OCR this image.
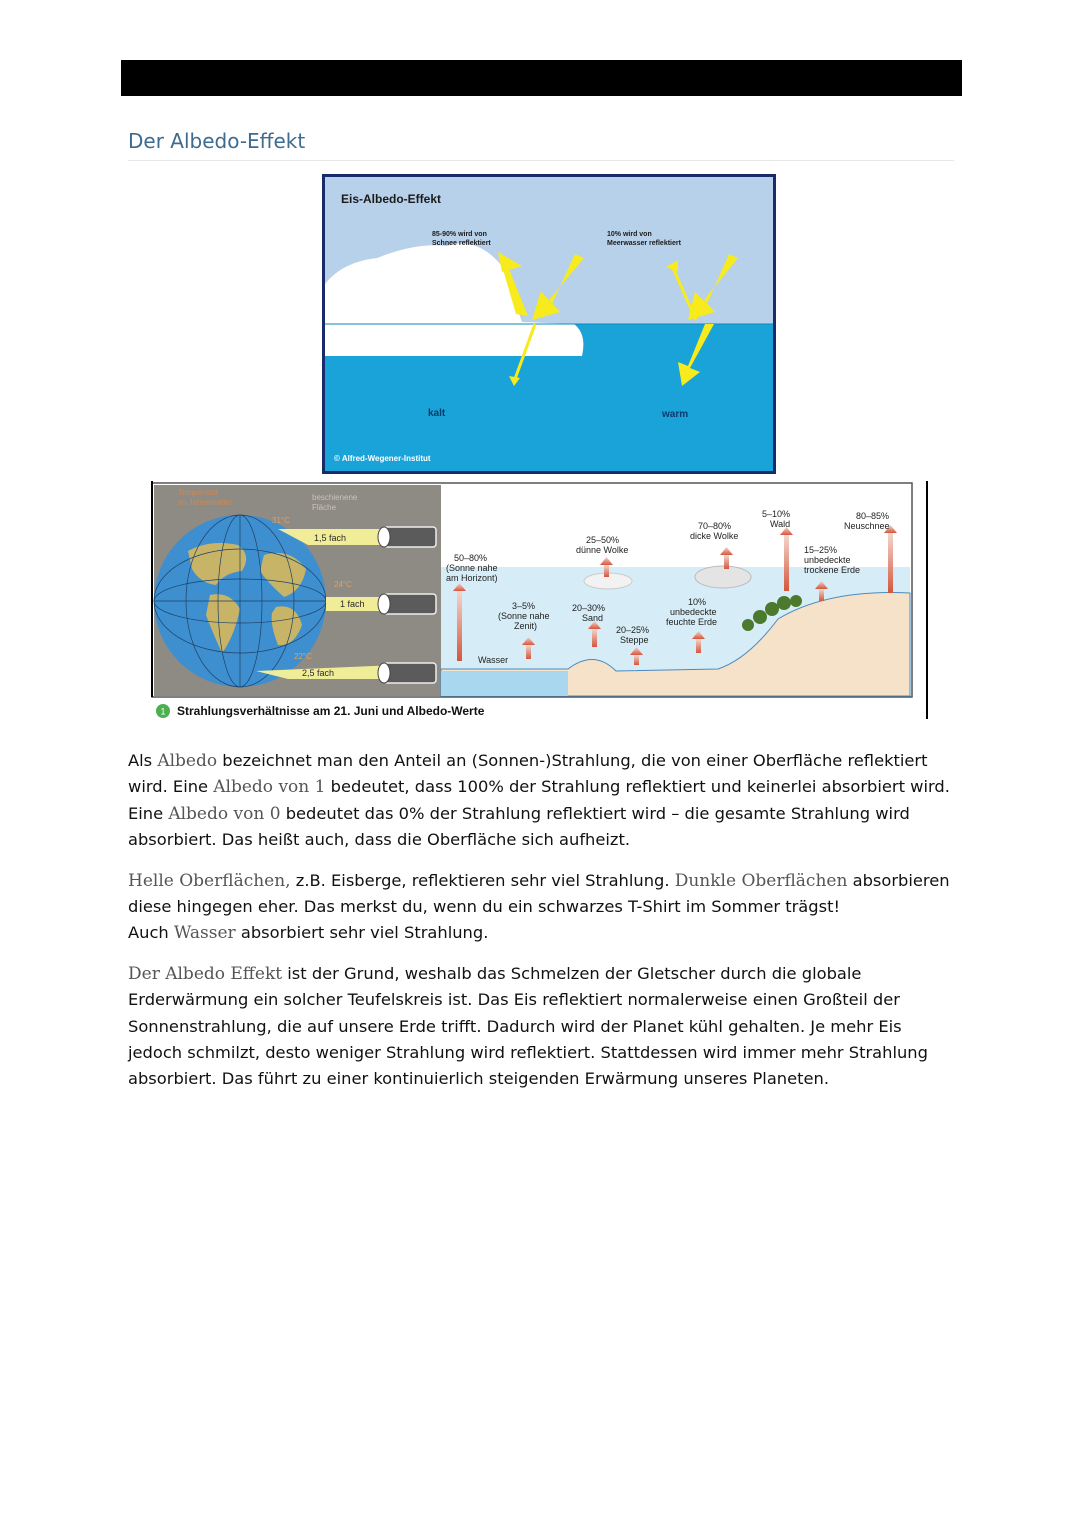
Der Albedo-Effekt
Eis-Albedo-Effekt
85-90% wird von
Schnee reflektiert
10% wird von
Meerwasser reflektiert
kalt	warm
© Alfred-Wegener-Institut
Temperatur
im Jahresmittel
beschienene
Fläche
31°C
24°C
22°C
1,5 fach
1 fach
2,5 fach
50–80%
(Sonne nahe
am Horizont)
3–5%
(Sonne nahe
Zenit)
Wasser
25–50%
dünne Wolke
20–30%
Sand
20–25%
Steppe
70–80%
dicke Wolke
10%
unbedeckte
feuchte Erde
5–10%
Wald
80–85%
Neuschnee
15–25%
unbedeckte
trockene Erde
1 Strahlungsverhältnisse am 21. Juni und Albedo-Werte

Als Albedo bezeichnet man den Anteil an (Sonnen-)Strahlung, die von einer Oberfläche reflektiert wird. Eine Albedo von 1 bedeutet, dass 100% der Strahlung reflektiert und keinerlei absorbiert wird. Eine Albedo von 0 bedeutet das 0% der Strahlung reflektiert wird – die gesamte Strahlung wird absorbiert. Das heißt auch, dass die Oberfläche sich aufheizt.

Helle Oberflächen, z.B. Eisberge, reflektieren sehr viel Strahlung. Dunkle Oberflächen absorbieren diese hingegen eher. Das merkst du, wenn du ein schwarzes T-Shirt im Sommer trägst!
Auch Wasser absorbiert sehr viel Strahlung.

Der Albedo Effekt ist der Grund, weshalb das Schmelzen der Gletscher durch die globale Erderwärmung ein solcher Teufelskreis ist. Das Eis reflektiert normalerweise einen Großteil der Sonnenstrahlung, die auf unsere Erde trifft. Dadurch wird der Planet kühl gehalten. Je mehr Eis jedoch schmilzt, desto weniger Strahlung wird reflektiert. Stattdessen wird immer mehr Strahlung absorbiert. Das führt zu einer kontinuierlich steigenden Erwärmung unseres Planeten.
